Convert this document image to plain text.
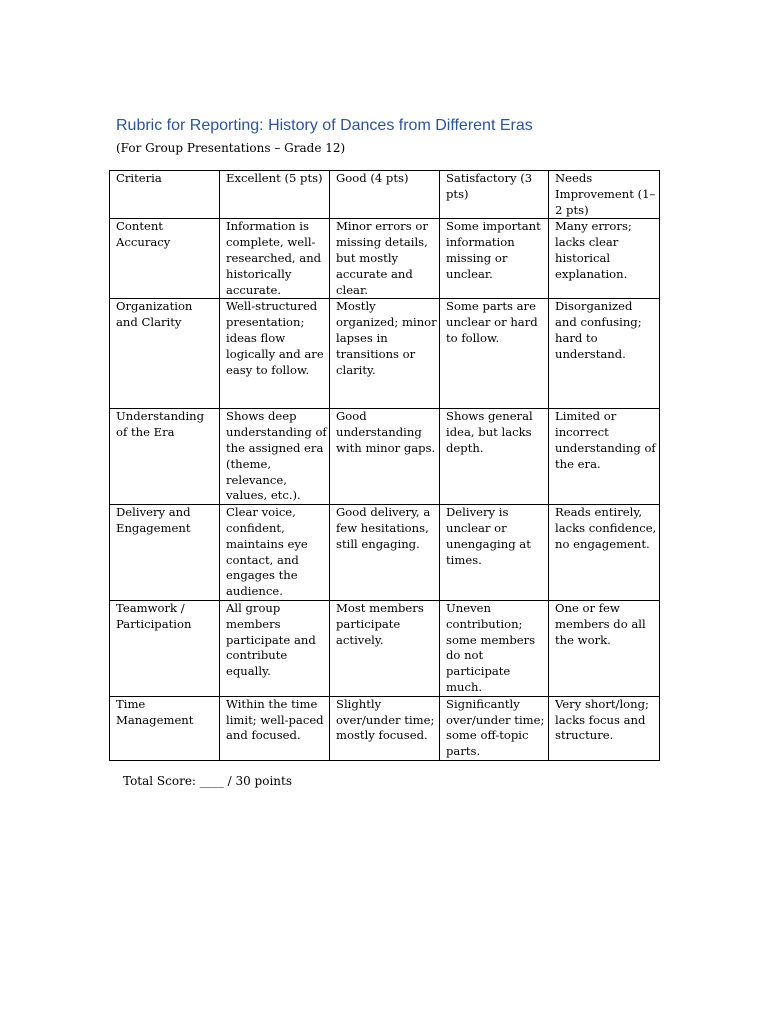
Rubric for Reporting: History of Dances from Different Eras
(For Group Presentations – Grade 12)
Criteria	Excellent (5 pts)	Good (4 pts)	Satisfactory (3 pts)	Needs Improvement (1–2 pts)
Content Accuracy	Information is complete, well-researched, and historically accurate.	Minor errors or missing details, but mostly accurate and clear.	Some important information missing or unclear.	Many errors; lacks clear historical explanation.
Organization and Clarity	Well-structured presentation; ideas flow logically and are easy to follow.	Mostly organized; minor lapses in transitions or clarity.	Some parts are unclear or hard to follow.	Disorganized and confusing; hard to understand.
Understanding of the Era	Shows deep understanding of the assigned era (theme, relevance, values, etc.).	Good understanding with minor gaps.	Shows general idea, but lacks depth.	Limited or incorrect understanding of the era.
Delivery and Engagement	Clear voice, confident, maintains eye contact, and engages the audience.	Good delivery, a few hesitations, still engaging.	Delivery is unclear or unengaging at times.	Reads entirely, lacks confidence, no engagement.
Teamwork / Participation	All group members participate and contribute equally.	Most members participate actively.	Uneven contribution; some members do not participate much.	One or few members do all the work.
Time Management	Within the time limit; well-paced and focused.	Slightly over/under time; mostly focused.	Significantly over/under time; some off-topic parts.	Very short/long; lacks focus and structure.
Total Score: ____ / 30 points
